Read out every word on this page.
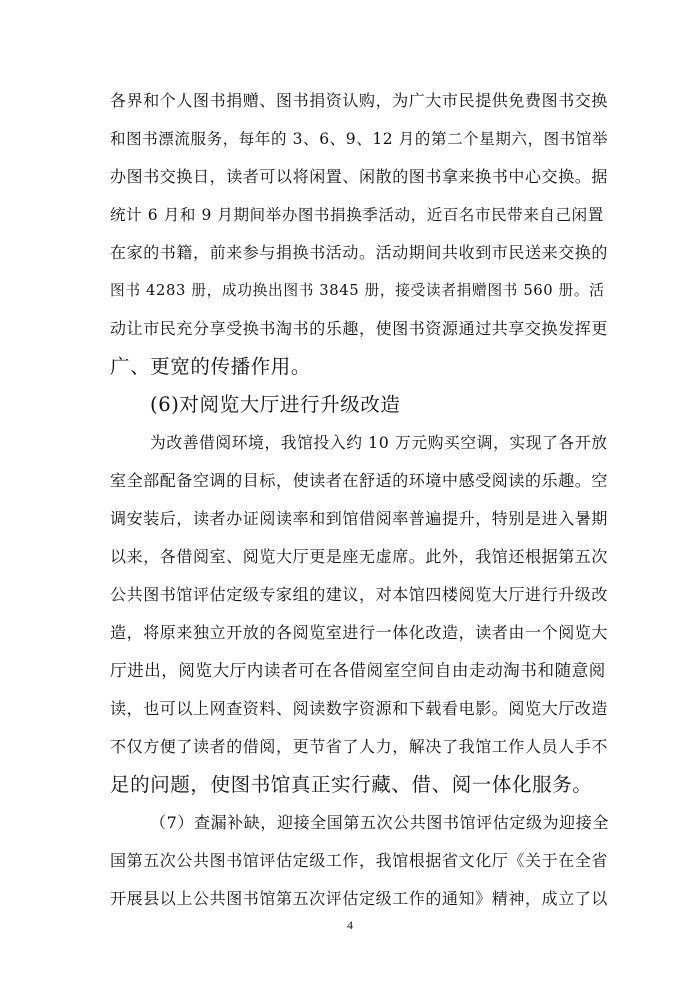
各界和个人图书捐赠、图书捐资认购，为广大市民提供免费图书交换
和图书漂流服务，每年的 3、6、9、12 月的第二个星期六，图书馆举
办图书交换日，读者可以将闲置、闲散的图书拿来换书中心交换。据
统计 6 月和 9 月期间举办图书捐换季活动，近百名市民带来自己闲置
在家的书籍，前来参与捐换书活动。活动期间共收到市民送来交换的
图书 4283 册，成功换出图书 3845 册，接受读者捐赠图书 560 册。活
动让市民充分享受换书淘书的乐趣，使图书资源通过共享交换发挥更
广、更宽的传播作用。
(6)对阅览大厅进行升级改造
为改善借阅环境，我馆投入约 10 万元购买空调，实现了各开放
室全部配备空调的目标，使读者在舒适的环境中感受阅读的乐趣。空
调安装后，读者办证阅读率和到馆借阅率普遍提升，特别是进入暑期
以来，各借阅室、阅览大厅更是座无虚席。此外，我馆还根据第五次
公共图书馆评估定级专家组的建议，对本馆四楼阅览大厅进行升级改
造，将原来独立开放的各阅览室进行一体化改造，读者由一个阅览大
厅进出，阅览大厅内读者可在各借阅室空间自由走动淘书和随意阅
读，也可以上网查资料、阅读数字资源和下载看电影。阅览大厅改造
不仅方便了读者的借阅，更节省了人力，解决了我馆工作人员人手不
足的问题，使图书馆真正实行藏、借、阅一体化服务。
（7）查漏补缺，迎接全国第五次公共图书馆评估定级为迎接全
国第五次公共图书馆评估定级工作，我馆根据省文化厅《关于在全省
开展县以上公共图书馆第五次评估定级工作的通知》精神，成立了以
4
